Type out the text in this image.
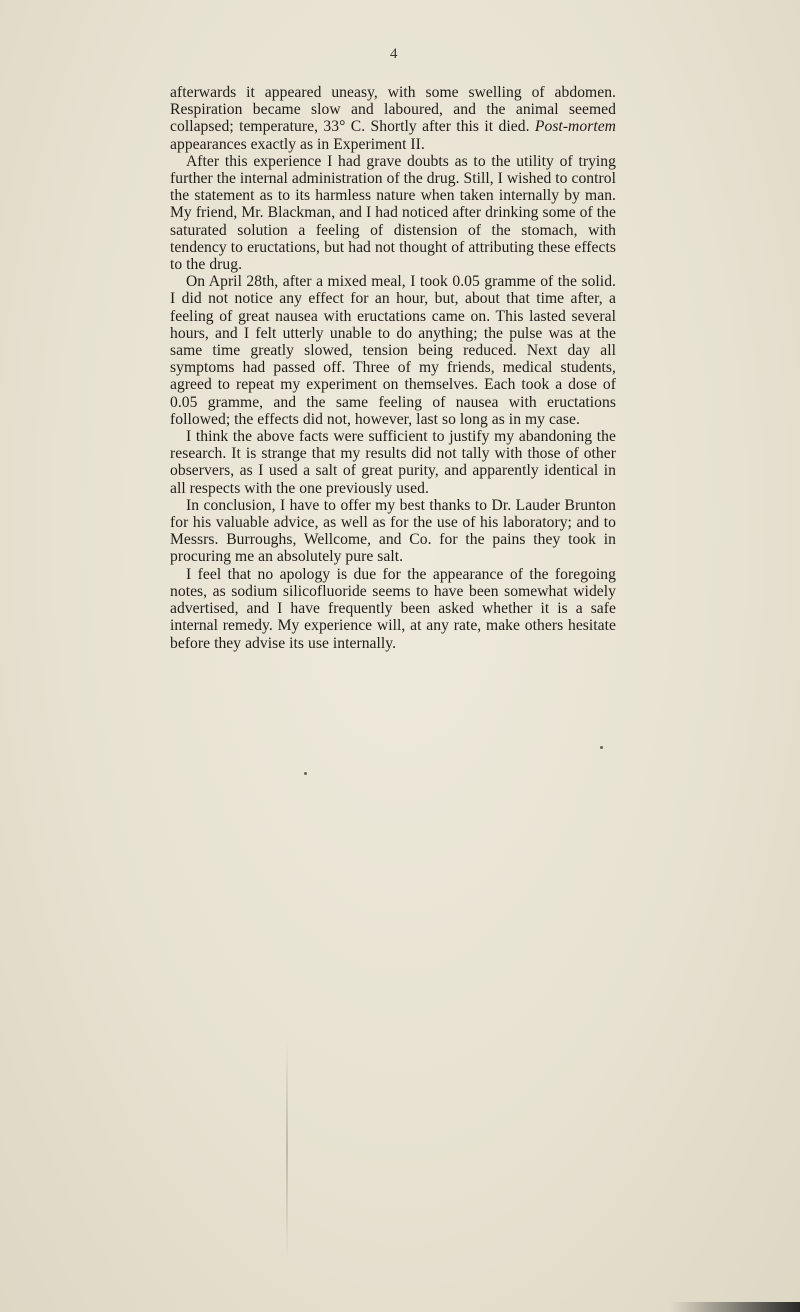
4

afterwards it appeared uneasy, with some swelling of abdomen. Respiration became slow and laboured, and the animal seemed collapsed; temperature, 33° C. Shortly after this it died. Post-mortem appearances exactly as in Experiment II.

After this experience I had grave doubts as to the utility of trying further the internal administration of the drug. Still, I wished to control the statement as to its harmless nature when taken internally by man. My friend, Mr. Blackman, and I had noticed after drinking some of the saturated solution a feeling of distension of the stomach, with tendency to eructations, but had not thought of attributing these effects to the drug.

On April 28th, after a mixed meal, I took 0.05 gramme of the solid. I did not notice any effect for an hour, but, about that time after, a feeling of great nausea with eructations came on. This lasted several hours, and I felt utterly unable to do anything; the pulse was at the same time greatly slowed, tension being reduced. Next day all symptoms had passed off. Three of my friends, medical students, agreed to repeat my experiment on themselves. Each took a dose of 0.05 gramme, and the same feeling of nausea with eructations followed; the effects did not, however, last so long as in my case.

I think the above facts were sufficient to justify my abandoning the research. It is strange that my results did not tally with those of other observers, as I used a salt of great purity, and apparently identical in all respects with the one previously used.

In conclusion, I have to offer my best thanks to Dr. Lauder Brunton for his valuable advice, as well as for the use of his laboratory; and to Messrs. Burroughs, Wellcome, and Co. for the pains they took in procuring me an absolutely pure salt.

I feel that no apology is due for the appearance of the foregoing notes, as sodium silicofluoride seems to have been somewhat widely advertised, and I have frequently been asked whether it is a safe internal remedy. My experience will, at any rate, make others hesitate before they advise its use internally.
